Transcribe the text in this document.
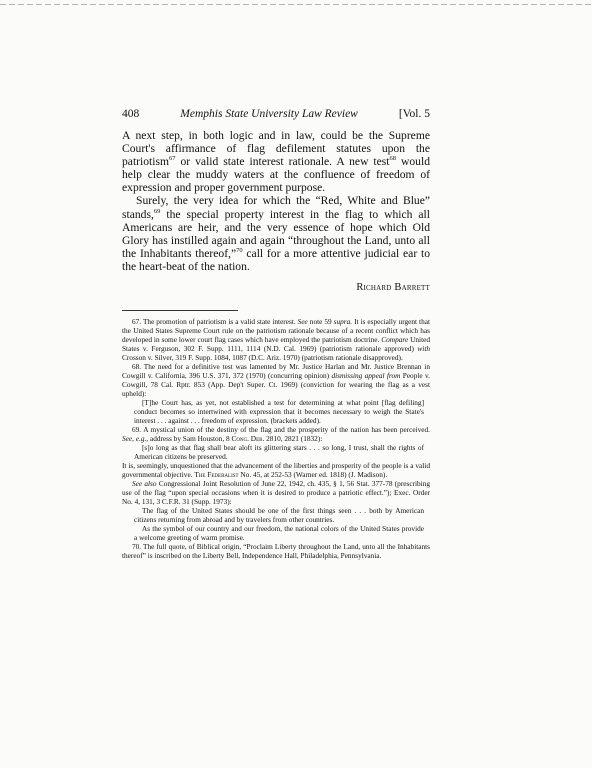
408	Memphis State University Law Review	[Vol. 5

A next step, in both logic and in law, could be the Supreme Court's affirmance of flag defilement statutes upon the patriotism$^{67}$ or valid state interest rationale. A new test$^{68}$ would help clear the muddy waters at the confluence of freedom of expression and proper government purpose.

Surely, the very idea for which the “Red, White and Blue” stands,$^{69}$ the special property interest in the flag to which all Americans are heir, and the very essence of hope which Old Glory has instilled again and again “throughout the Land, unto all the Inhabitants thereof,”$^{70}$ call for a more attentive judicial ear to the heart-beat of the nation.

Richard Barrett

67. The promotion of patriotism is a valid state interest. See note 59 supra. It is especially urgent that the United States Supreme Court rule on the patriotism rationale because of a recent conflict which has developed in some lower court flag cases which have employed the patriotism doctrine. Compare United States v. Ferguson, 302 F. Supp. 1111, 1114 (N.D. Cal. 1969) (patriotism rationale approved) with Crosson v. Silver, 319 F. Supp. 1084, 1087 (D.C. Ariz. 1970) (patriotism rationale disapproved).

68. The need for a definitive test was lamented by Mr. Justice Harlan and Mr. Justice Brennan in Cowgill v. California, 396 U.S. 371, 372 (1970) (concurring opinion) dismissing appeal from People v. Cowgill, 78 Cal. Rptr. 853 (App. Dep't Super. Ct. 1969) (conviction for wearing the flag as a vest upheld):

[T]he Court has, as yet, not established a test for determining at what point [flag defiling] conduct becomes so intertwined with expression that it becomes necessary to weigh the State's interest . . . against . . . freedom of expression. (brackets added).

69. A mystical union of the destiny of the flag and the prosperity of the nation has been perceived. See, e.g., address by Sam Houston, 8 Cong. Deb. 2810, 2821 (1832):

[s]o long as that flag shall bear aloft its glittering stars . . . so long, I trust, shall the rights of American citizens be preserved.

It is, seemingly, unquestioned that the advancement of the liberties and prosperity of the people is a valid governmental objective. The Federalist No. 45, at 252-53 (Warner ed. 1818) (J. Madison).

See also Congressional Joint Resolution of June 22, 1942, ch. 435, § 1, 56 Stat. 377-78 (prescribing use of the flag “upon special occasions when it is desired to produce a patriotic effect.”); Exec. Order No. 4, 131, 3 C.F.R. 31 (Supp. 1973):

The flag of the United States should be one of the first things seen . . . both by American citizens returning from abroad and by travelers from other countries.

As the symbol of our country and our freedom, the national colors of the United States provide a welcome greeting of warm promise.

70. The full quote, of Biblical origin, “Proclaim Liberty throughout the Land, unto all the Inhabitants thereof” is inscribed on the Liberty Bell, Independence Hall, Philadelphia, Pennsylvania.
